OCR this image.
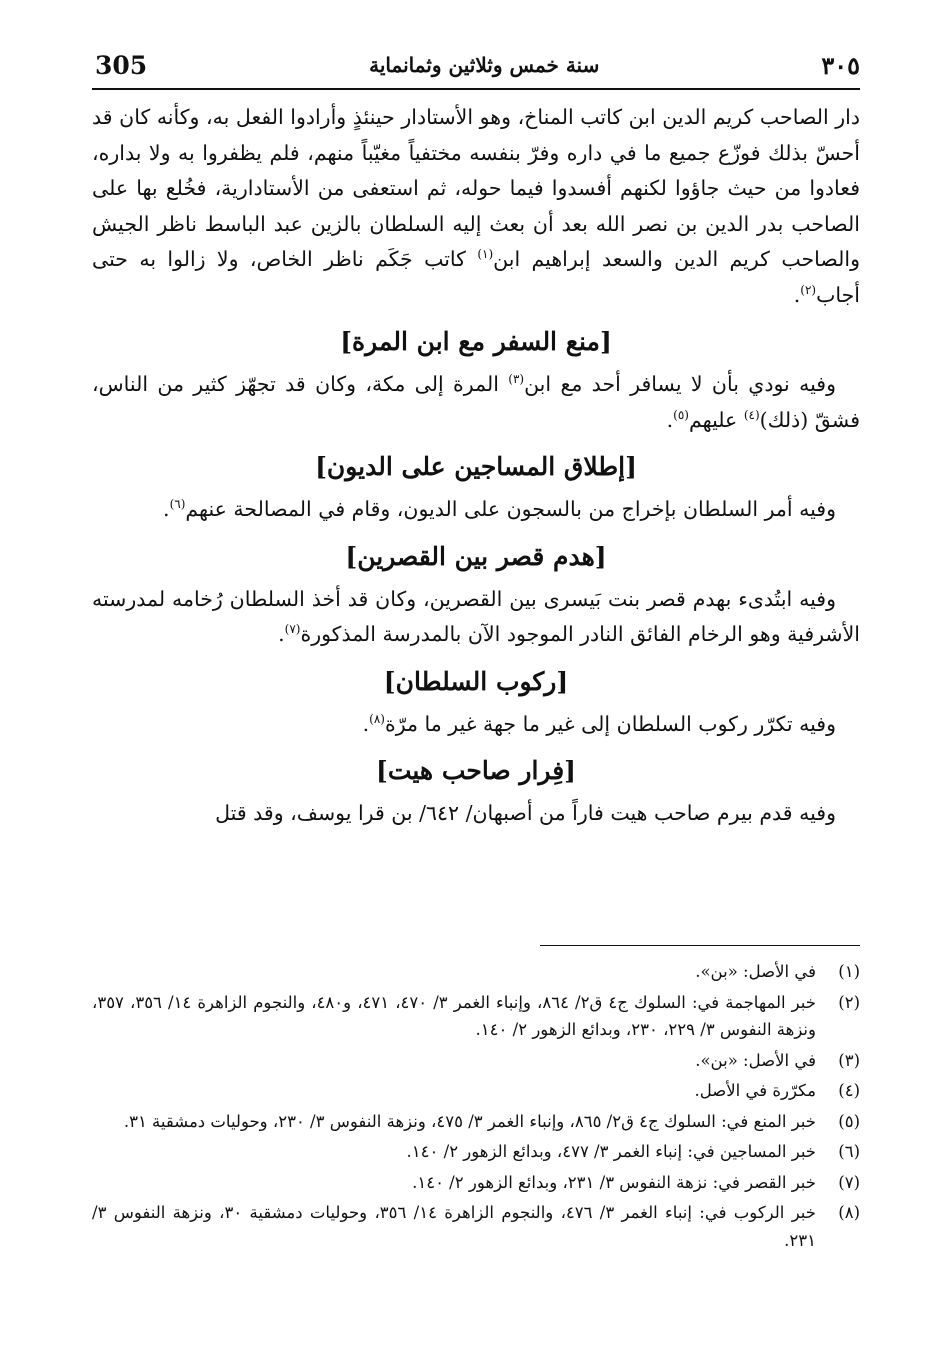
305	سنة خمس وثلاثين وثمانماية	٣٠٥

دار الصاحب كريم الدين ابن كاتب المناخ، وهو الأستادار حينئذٍ وأرادوا الفعل به، وكأنه كان قد أحسّ بذلك فوزّع جميع ما في داره وفرّ بنفسه مختفياً مغيّباً منهم، فلم يظفروا به ولا بداره، فعادوا من حيث جاؤوا لكنهم أفسدوا فيما حوله، ثم استعفى من الأستادارية، فخُلع بها على الصاحب بدر الدين بن نصر الله بعد أن بعث إليه السلطان بالزين عبد الباسط ناظر الجيش والصاحب كريم الدين والسعد إبراهيم ابن$^{(١)}$ كاتب جَكَم ناظر الخاص، ولا زالوا به حتى أجاب$^{(٢)}$.

[منع السفر مع ابن المرة]

وفيه نودي بأن لا يسافر أحد مع ابن$^{(٣)}$ المرة إلى مكة، وكان قد تجهّز كثير من الناس، فشقّ (ذلك)$^{(٤)}$ عليهم$^{(٥)}$.

[إطلاق المساجين على الديون]

وفيه أمر السلطان بإخراج من بالسجون على الديون، وقام في المصالحة عنهم$^{(٦)}$.

[هدم قصر بين القصرين]

وفيه ابتُدىء بهدم قصر بنت بَيسرى بين القصرين، وكان قد أخذ السلطان رُخامه لمدرسته الأشرفية وهو الرخام الفائق النادر الموجود الآن بالمدرسة المذكورة$^{(٧)}$.

[ركوب السلطان]

وفيه تكرّر ركوب السلطان إلى غير ما جهة غير ما مرّة$^{(٨)}$.

[فِرار صاحب هيت]

وفيه قدم بيرم صاحب هيت فاراً من أصبهان/ ٦٤٢/ بن قرا يوسف، وقد قتل

(١)
في الأصل: «بن».
(٢)
خبر المهاجمة في: السلوك ج٤ ق٢/ ٨٦٤، وإنباء الغمر ٣/ ٤٧٠، ٤٧١، و٤٨٠، والنجوم الزاهرة ١٤/ ٣٥٦، ٣٥٧، ونزهة النفوس ٣/ ٢٢٩، ٢٣٠، وبدائع الزهور ٢/ ١٤٠.
(٣)
في الأصل: «بن».
(٤)
مكرّرة في الأصل.
(٥)
خبر المنع في: السلوك ج٤ ق٢/ ٨٦٥، وإنباء الغمر ٣/ ٤٧٥، ونزهة النفوس ٣/ ٢٣٠، وحوليات دمشقية ٣١.
(٦)
خبر المساجين في: إنباء الغمر ٣/ ٤٧٧، وبدائع الزهور ٢/ ١٤٠.
(٧)
خبر القصر في: نزهة النفوس ٣/ ٢٣١، وبدائع الزهور ٢/ ١٤٠.
(٨)
خبر الركوب في: إنباء الغمر ٣/ ٤٧٦، والنجوم الزاهرة ١٤/ ٣٥٦، وحوليات دمشقية ٣٠، ونزهة النفوس ٣/ ٢٣١.
